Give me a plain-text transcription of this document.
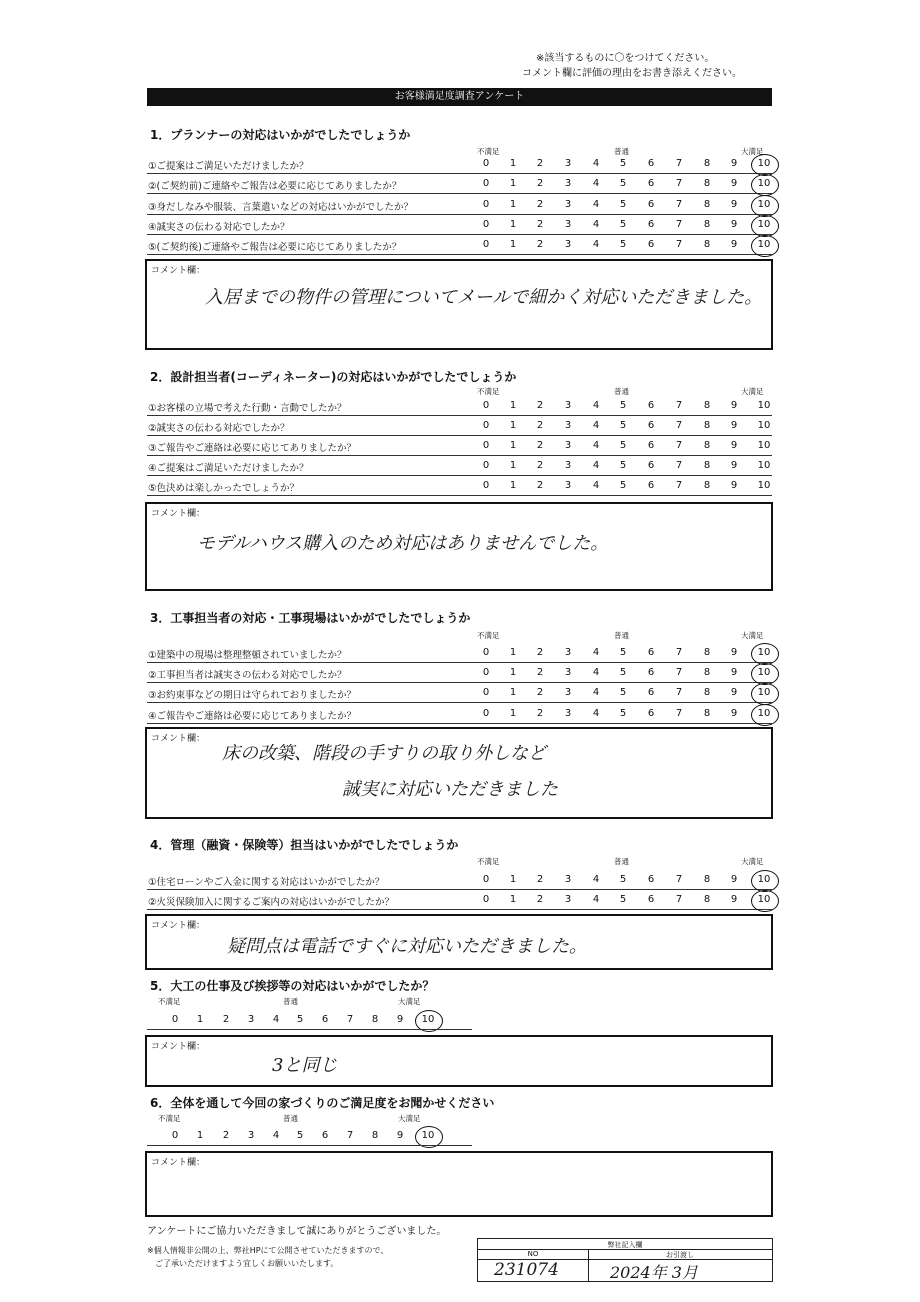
※該当するものに〇をつけてください。
コメント欄に評価の理由をお書き添えください。
お客様満足度調査アンケート
1．プランナーの対応はいかがでしたでしょうか
不満足	普通	大満足
コメント欄：
入居までの物件の管理についてメールで細かく対応いただきました。
2．設計担当者(コーディネーター)の対応はいかがでしたでしょうか
不満足	普通	大満足
コメント欄：
モデルハウス購入のため対応はありませんでした。
3．工事担当者の対応・工事現場はいかがでしたでしょうか
不満足	普通	大満足
コメント欄：
床の改築、階段の手すりの取り外しなど
誠実に対応いただきました
4．管理（融資・保険等）担当はいかがでしたでしょうか
不満足	普通	大満足
コメント欄：
疑問点は電話ですぐに対応いただきました。
5．大工の仕事及び挨拶等の対応はいかがでしたか？
不満足	普通	大満足
コメント欄：
3と同じ
6．全体を通して今回の家づくりのご満足度をお聞かせください
不満足	普通	大満足
コメント欄：
アンケートにご協力いただきまして誠にありがとうございました。
※個人情報非公開の上、弊社HPにて公開させていただきますので、
ご了承いただけますよう宜しくお願いいたします。
弊社記入欄
NO	お引渡し
231074	2024年 3月
①ご提案はご満足いただけましたか？	0	1	2	3	4	5	6	7	8	9	10
②(ご契約前)ご連絡やご報告は必要に応じてありましたか？	0	1	2	3	4	5	6	7	8	9	10
③身だしなみや服装、言葉遣いなどの対応はいかがでしたか？	0	1	2	3	4	5	6	7	8	9	10
④誠実さの伝わる対応でしたか？	0	1	2	3	4	5	6	7	8	9	10
⑤(ご契約後)ご連絡やご報告は必要に応じてありましたか？	0	1	2	3	4	5	6	7	8	9	10
①お客様の立場で考えた行動・言動でしたか？	0	1	2	3	4	5	6	7	8	9	10
②誠実さの伝わる対応でしたか？	0	1	2	3	4	5	6	7	8	9	10
③ご報告やご連絡は必要に応じてありましたか？	0	1	2	3	4	5	6	7	8	9	10
④ご提案はご満足いただけましたか？	0	1	2	3	4	5	6	7	8	9	10
⑤色決めは楽しかったでしょうか？	0	1	2	3	4	5	6	7	8	9	10
①建築中の現場は整理整頓されていましたか？	0	1	2	3	4	5	6	7	8	9	10
②工事担当者は誠実さの伝わる対応でしたか？	0	1	2	3	4	5	6	7	8	9	10
③お約束事などの期日は守られておりましたか？	0	1	2	3	4	5	6	7	8	9	10
④ご報告やご連絡は必要に応じてありましたか？	0	1	2	3	4	5	6	7	8	9	10
①住宅ローンやご入金に関する対応はいかがでしたか？	0	1	2	3	4	5	6	7	8	9	10
②火災保険加入に関するご案内の対応はいかがでしたか？	0	1	2	3	4	5	6	7	8	9	10
0	1	2	3	4	5	6	7	8	9	10
0	1	2	3	4	5	6	7	8	9	10
